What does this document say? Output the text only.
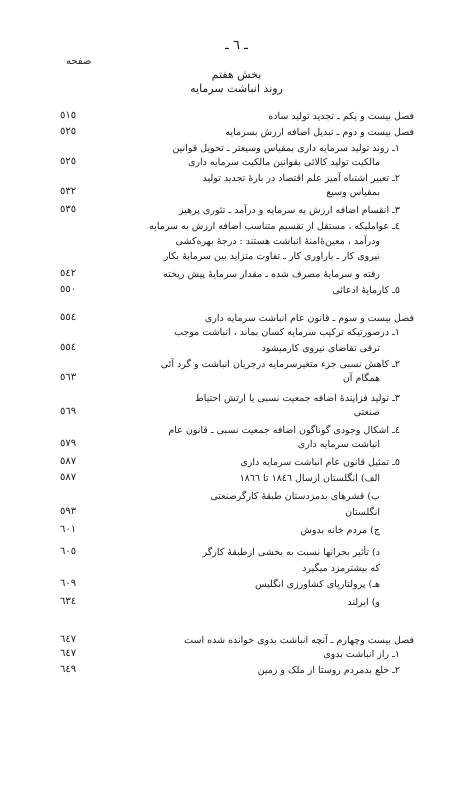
ـ ٦ ـ
صفحه
بخش هفتم
روند انباشت سرمایه
٥١٥	فصل بیست و یکم ـ تجدید تولید ساده
٥٢٥	فصل بیست و دوم ـ تبدیل اضافه ارزش بسرمایه
١ـ روند تولید سرمایه داری بمقیاس وسیعتر ـ تحویل قوانین
٥٢٥	مالکیت تولید کالائی بقوانین مالکیت سرمایه داری
٢ـ تعبیر اشتباه آمیز علم اقتصاد در بارهٔ تجدید تولید
٥٣٢	بمقیاس وسیع
٥٣٥	٣ـ انقسام اضافه ارزش به سرمایه و درآمد ـ تئوری پرهیز
٤ـ عواملیکه ، مستقل از تقسیم متناسب اضافه ارزش به سرمایه
ودرآمد ، معین‌ه‌ٔ‌امنهٔ انباشت هستند : درجهٔ بهره‌کشی
نیروی کار ـ باراوری کار ـ تفاوت متزاید بین سرمایهٔ بکار
٥٤٢	رفته و سرمایهٔ مصرف شده ـ مقدار سرمایهٔ پیش ریخته
٥٥٠	٥ـ کارمایهٔ ادعائی
٥٥٤	فصل بیست و سوم ـ قانون عام انباشت سرمایه داری
١ـ درصورتیکه ترکیب سرمایه کسان بماند ، انباشت موجب
٥٥٤	ترقی تقاضای نیروی کارمیشود
٢ـ کاهش نسبی جزء متغیرسرمایه درجریان انباشت و گرد آئی
٥٦٣	همگام آن
٣ـ تولید فزاینده‌ٔ اضافه جمعیت نسبی یا ارتش احتیاط
٥٦٩	صنعتی
٤ـ اشکال وجودی گوناگون اضافه جمعیت نسبی ـ قانون عام
٥٧٩	انباشت سرمایه داری
٥٨٧	٥ـ تمثیل قانون عام انباشت سرمایه داری
٥٨٧	الف) انگلستان ازسال ١٨٤٦ تا ١٨٦٦
ب) قشرهای بدمزدستان طبقهٔ کارگرصنعتی
٥٩٣	انگلستان
٦٠١	ج) مردم خانه بدوش
٦٠٥	د) تأثیر بحرانها نسبت به بخشی ازطبقهٔ کارگر
که بیشترمزد میگیرد
٦٠٩	هـ) پرولتاریای کشاورزی انگلیس
٦٣٤	و) ایرلند
٦٤٧	فصل بیست وچهارم ـ آنچه انباشت بدوی خوانده شده است
٦٤٧	١ـ راز انباشت بدوی
٦٤٩	٢ـ خلع بدمردم روستا از ملک و زمین
